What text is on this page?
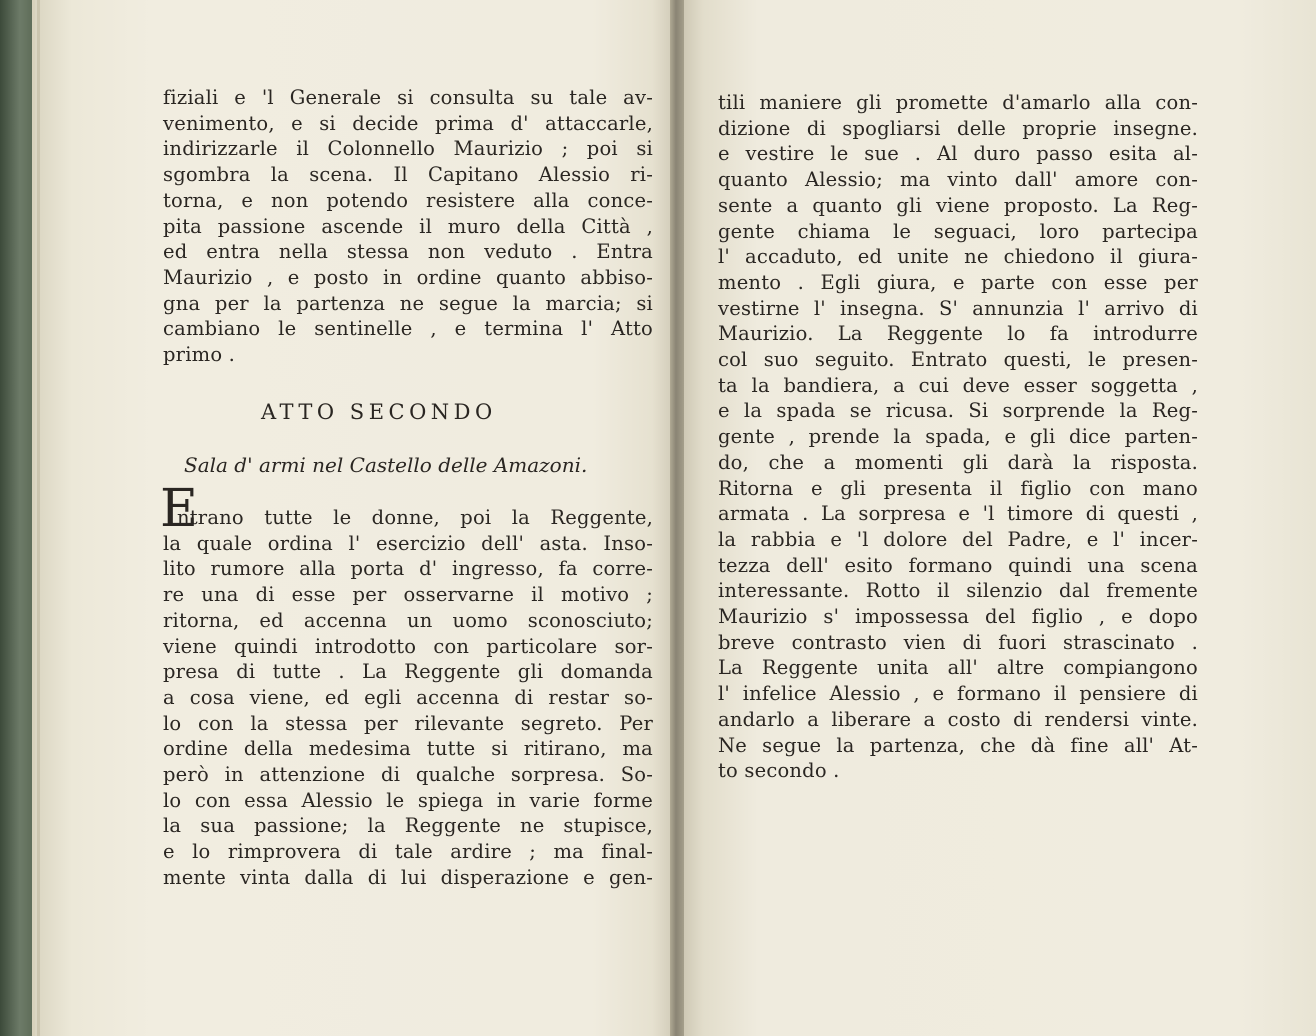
fiziali e 'l Generale si consulta su tale av-
venimento, e si decide prima d' attaccarle,
indirizzarle il Colonnello Maurizio ; poi si
sgombra la scena. Il Capitano Alessio ri-
torna, e non potendo resistere alla conce-
pita passione ascende il muro della Città ,
ed entra nella stessa non veduto . Entra
Maurizio , e posto in ordine quanto abbiso-
gna per la partenza ne segue la marcia; si
cambiano le sentinelle , e termina l' Atto
primo .
ATTO SECONDO
Sala d' armi nel Castello delle Amazoni.
E
ntrano tutte le donne, poi la Reggente,
la quale ordina l' esercizio dell' asta. Inso-
lito rumore alla porta d' ingresso, fa corre-
re una di esse per osservarne il motivo ;
ritorna, ed accenna un uomo sconosciuto;
viene quindi introdotto con particolare sor-
presa di tutte . La Reggente gli domanda
a cosa viene, ed egli accenna di restar so-
lo con la stessa per rilevante segreto. Per
ordine della medesima tutte si ritirano, ma
però in attenzione di qualche sorpresa. So-
lo con essa Alessio le spiega in varie forme
la sua passione; la Reggente ne stupisce,
e lo rimprovera di tale ardire ; ma final-
mente vinta dalla di lui disperazione e gen-
tili maniere gli promette d'amarlo alla con-
dizione di spogliarsi delle proprie insegne.
e vestire le sue . Al duro passo esita al-
quanto Alessio; ma vinto dall' amore con-
sente a quanto gli viene proposto. La Reg-
gente chiama le seguaci, loro partecipa
l' accaduto, ed unite ne chiedono il giura-
mento . Egli giura, e parte con esse per
vestirne l' insegna. S' annunzia l' arrivo di
Maurizio. La Reggente lo fa introdurre
col suo seguito. Entrato questi, le presen-
ta la bandiera, a cui deve esser soggetta ,
e la spada se ricusa. Si sorprende la Reg-
gente , prende la spada, e gli dice parten-
do, che a momenti gli darà la risposta.
Ritorna e gli presenta il figlio con mano
armata . La sorpresa e 'l timore di questi ,
la rabbia e 'l dolore del Padre, e l' incer-
tezza dell' esito formano quindi una scena
interessante. Rotto il silenzio dal fremente
Maurizio s' impossessa del figlio , e dopo
breve contrasto vien di fuori strascinato .
La Reggente unita all' altre compiangono
l' infelice Alessio , e formano il pensiere di
andarlo a liberare a costo di rendersi vinte.
Ne segue la partenza, che dà fine all' At-
to secondo .
